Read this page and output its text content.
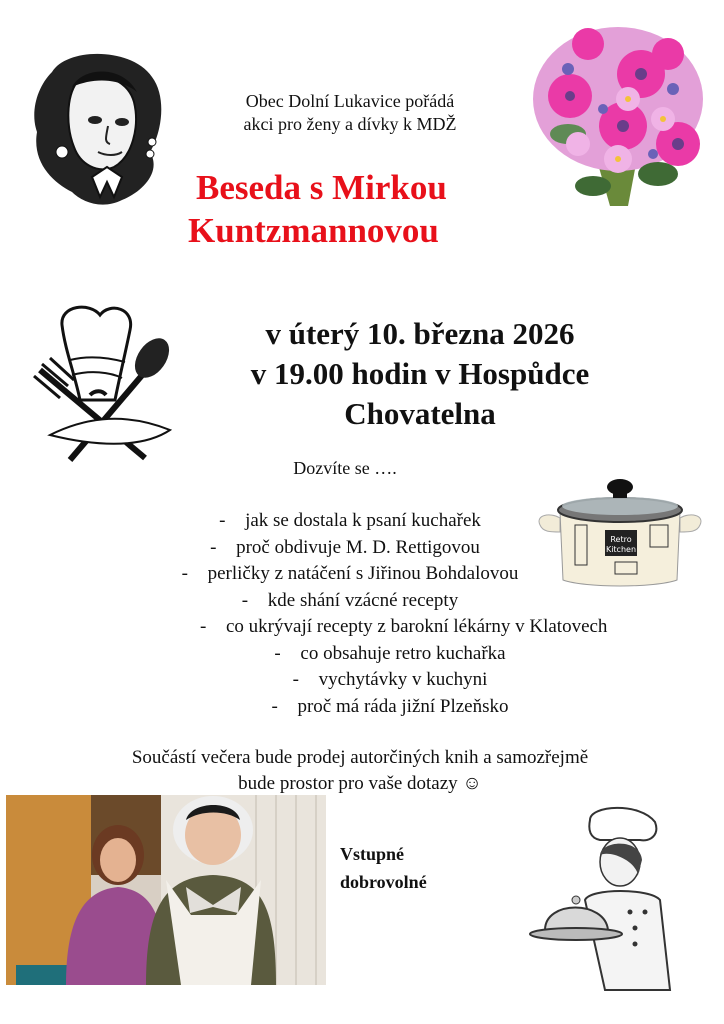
Obec Dolní Lukavice pořádá
akci pro ženy a dívky k MDŽ
Beseda s Mirkou
Kuntzmannovou
v úterý 10. března 2026
v 19.00 hodin v Hospůdce
Chovatelna
Dozvíte se ….
Retro
Kitchen
- jak se dostala k psaní kuchařek
- proč obdivuje M. D. Rettigovou
- perličky z natáčení s Jiřinou Bohdalovou
- kde shání vzácné recepty
- co ukrývají recepty z barokní lékárny v Klatovech
- co obsahuje retro kuchařka
- vychytávky v kuchyni
- proč má ráda jižní Plzeňsko
Součástí večera bude prodej autorčiných knih a samozřejmě
bude prostor pro vaše dotazy ☺
Vstupné
dobrovolné
